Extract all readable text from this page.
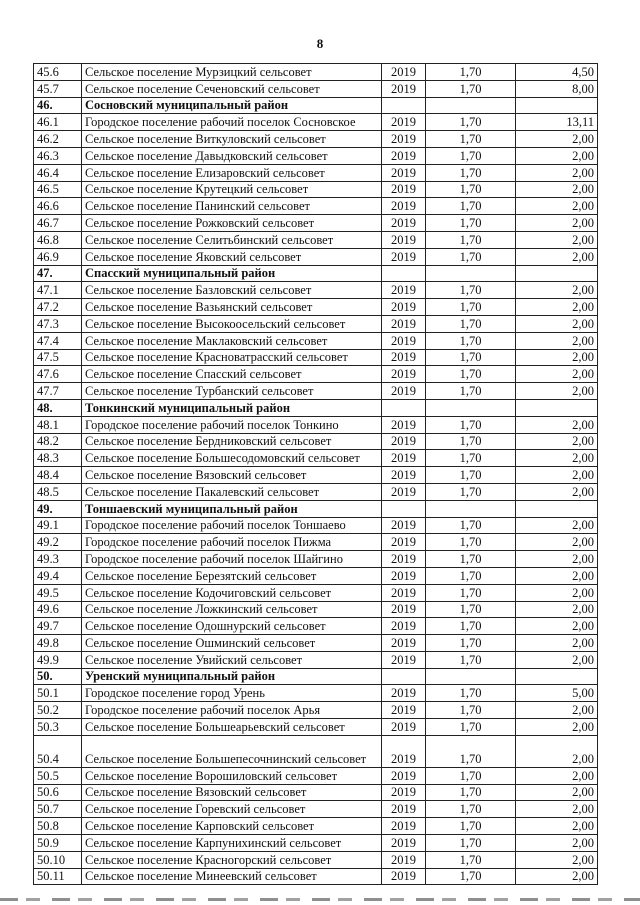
8
45.6	Сельское поселение Мурзицкий сельсовет	2019	1,70	4,50
45.7	Сельское поселение Сеченовский сельсовет	2019	1,70	8,00
46.	Сосновский муниципальный район			
46.1	Городское поселение рабочий поселок Сосновское	2019	1,70	13,11
46.2	Сельское поселение Виткуловский сельсовет	2019	1,70	2,00
46.3	Сельское поселение Давыдковский сельсовет	2019	1,70	2,00
46.4	Сельское поселение Елизаровский сельсовет	2019	1,70	2,00
46.5	Сельское поселение Крутецкий сельсовет	2019	1,70	2,00
46.6	Сельское поселение Панинский сельсовет	2019	1,70	2,00
46.7	Сельское поселение Рожковский сельсовет	2019	1,70	2,00
46.8	Сельское поселение Селитьбинский сельсовет	2019	1,70	2,00
46.9	Сельское поселение Яковский сельсовет	2019	1,70	2,00
47.	Спасский муниципальный район			
47.1	Сельское поселение Базловский сельсовет	2019	1,70	2,00
47.2	Сельское поселение Вазьянский сельсовет	2019	1,70	2,00
47.3	Сельское поселение Высокоосельский сельсовет	2019	1,70	2,00
47.4	Сельское поселение Маклаковский сельсовет	2019	1,70	2,00
47.5	Сельское поселение Красноватрасский сельсовет	2019	1,70	2,00
47.6	Сельское поселение Спасский сельсовет	2019	1,70	2,00
47.7	Сельское поселение Турбанский сельсовет	2019	1,70	2,00
48.	Тонкинский муниципальный район			
48.1	Городское поселение рабочий поселок Тонкино	2019	1,70	2,00
48.2	Сельское поселение Бердниковский сельсовет	2019	1,70	2,00
48.3	Сельское поселение Большесодомовский сельсовет	2019	1,70	2,00
48.4	Сельское поселение Вязовский сельсовет	2019	1,70	2,00
48.5	Сельское поселение Пакалевский сельсовет	2019	1,70	2,00
49.	Тоншаевский муниципальный район			
49.1	Городское поселение рабочий поселок Тоншаево	2019	1,70	2,00
49.2	Городское поселение рабочий поселок Пижма	2019	1,70	2,00
49.3	Городское поселение рабочий поселок Шайгино	2019	1,70	2,00
49.4	Сельское поселение Березятский сельсовет	2019	1,70	2,00
49.5	Сельское поселение Кодочиговский сельсовет	2019	1,70	2,00
49.6	Сельское поселение Ложкинский сельсовет	2019	1,70	2,00
49.7	Сельское поселение Одошнурский сельсовет	2019	1,70	2,00
49.8	Сельское поселение Ошминский сельсовет	2019	1,70	2,00
49.9	Сельское поселение Увийский сельсовет	2019	1,70	2,00
50.	Уренский муниципальный район			
50.1	Городское поселение город Урень	2019	1,70	5,00
50.2	Городское поселение рабочий поселок Арья	2019	1,70	2,00
50.3	Сельское поселение Большеарьевский сельсовет	2019	1,70	2,00
50.4	Сельское поселение Большепесочнинский сельсовет	2019	1,70	2,00
50.5	Сельское поселение Ворошиловский сельсовет	2019	1,70	2,00
50.6	Сельское поселение Вязовский сельсовет	2019	1,70	2,00
50.7	Сельское поселение Горевский сельсовет	2019	1,70	2,00
50.8	Сельское поселение Карповский сельсовет	2019	1,70	2,00
50.9	Сельское поселение Карпунихинский сельсовет	2019	1,70	2,00
50.10	Сельское поселение Красногорский сельсовет	2019	1,70	2,00
50.11	Сельское поселение Минеевский сельсовет	2019	1,70	2,00
